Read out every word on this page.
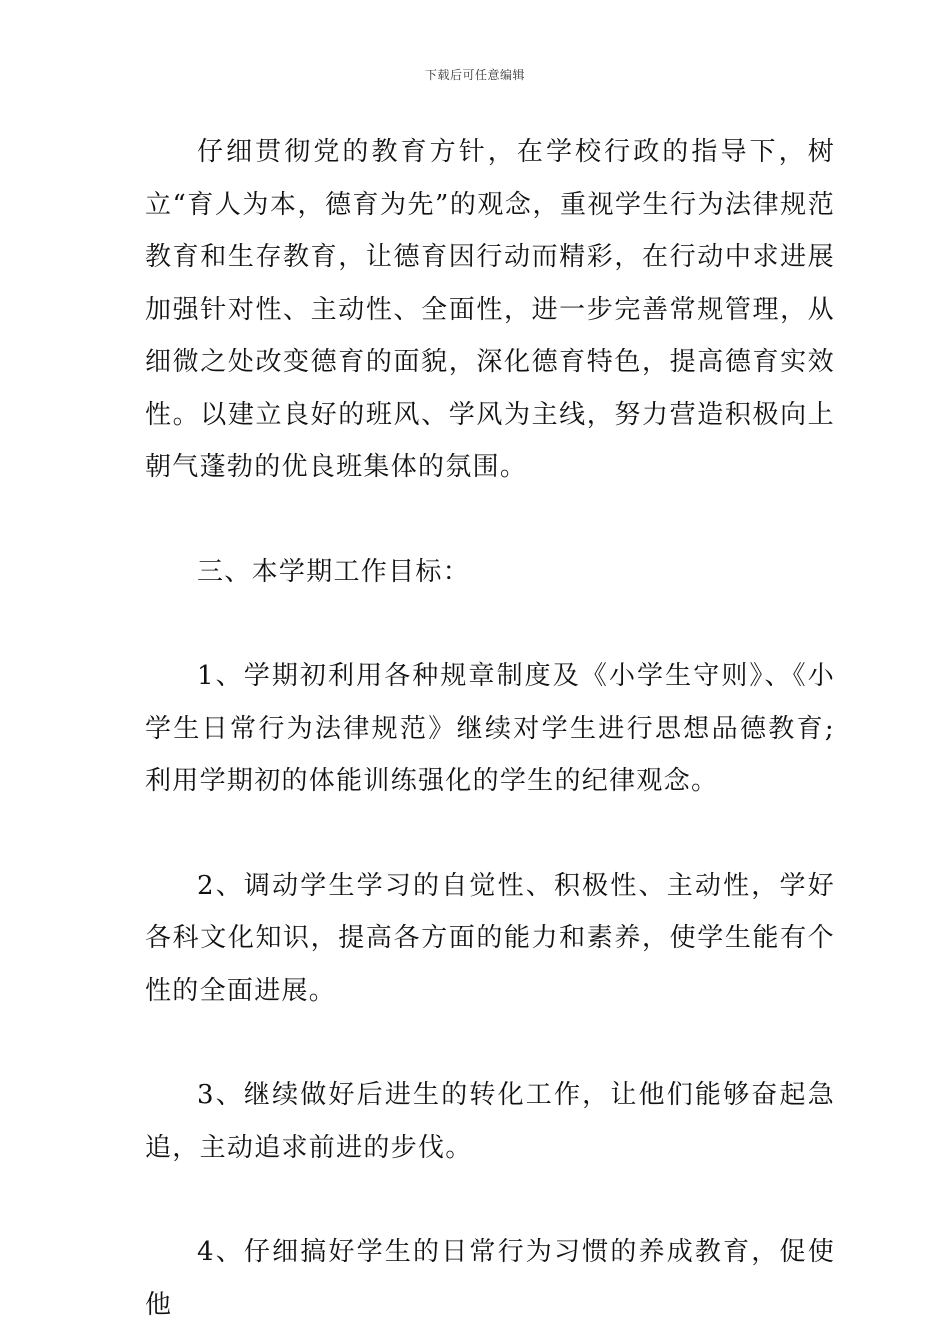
下载后可任意编辑

仔细贯彻党的教育方针，在学校行政的指导下，树立“育人为本，德育为先”的观念，重视学生行为法律规范教育和生存教育，让德育因行动而精彩，在行动中求进展加强针对性、主动性、全面性，进一步完善常规管理，从细微之处改变德育的面貌，深化德育特色，提高德育实效性。以建立良好的班风、学风为主线，努力营造积极向上朝气蓬勃的优良班集体的氛围。

三、本学期工作目标：

1、学期初利用各种规章制度及《小学生守则》、《小学生日常行为法律规范》继续对学生进行思想品德教育;利用学期初的体能训练强化的学生的纪律观念。

2、调动学生学习的自觉性、积极性、主动性，学好各科文化知识，提高各方面的能力和素养，使学生能有个性的全面进展。

3、继续做好后进生的转化工作，让他们能够奋起急追，主动追求前进的步伐。

4、仔细搞好学生的日常行为习惯的养成教育，促使他
